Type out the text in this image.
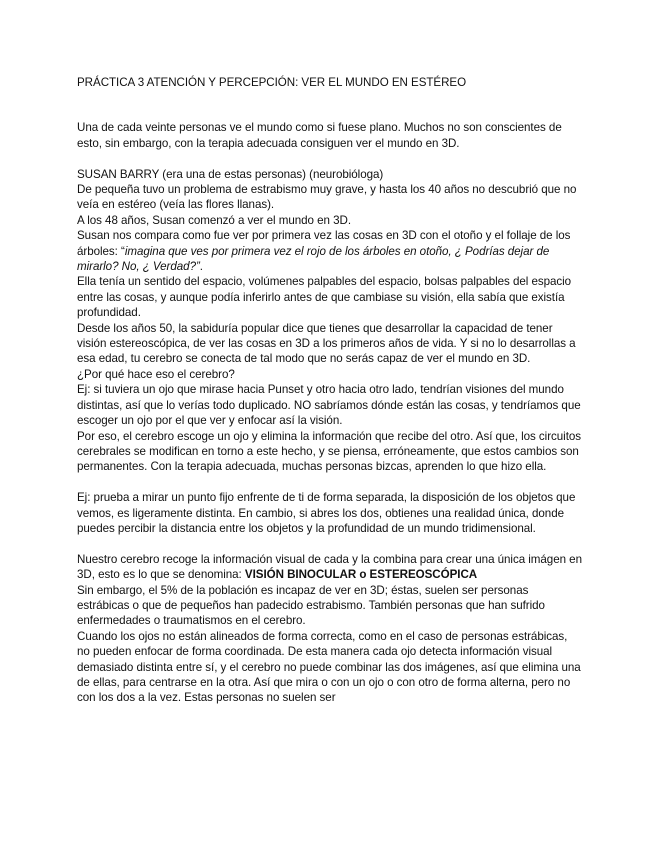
PRÁCTICA 3 ATENCIÓN Y PERCEPCIÓN: VER EL MUNDO EN ESTÉREO

Una de cada veinte personas ve el mundo como si fuese plano. Muchos no son conscientes de esto, sin embargo, con la terapia adecuada consiguen ver el mundo en 3D.

SUSAN BARRY (era una de estas personas) (neurobióloga)

De pequeña tuvo un problema de estrabismo muy grave, y hasta los 40 años no descubrió que no veía en estéreo (veía las flores llanas).

A los 48 años, Susan comenzó a ver el mundo en 3D.

Susan nos compara como fue ver por primera vez las cosas en 3D con el otoño y el follaje de los árboles: “imagina que ves por primera vez el rojo de los árboles en otoño, ¿ Podrías dejar de mirarlo? No, ¿ Verdad?”.

Ella tenía un sentido del espacio, volúmenes palpables del espacio, bolsas palpables del espacio entre las cosas, y aunque podía inferirlo antes de que cambiase su visión, ella sabía que existía profundidad.

Desde los años 50, la sabiduría popular dice que tienes que desarrollar la capacidad de tener visión estereoscópica, de ver las cosas en 3D a los primeros años de vida. Y si no lo desarrollas a esa edad, tu cerebro se conecta de tal modo que no serás capaz de ver el mundo en 3D.

¿Por qué hace eso el cerebro?

Ej: si tuviera un ojo que mirase hacia Punset y otro hacia otro lado, tendrían visiones del mundo distintas, así que lo verías todo duplicado. NO sabríamos dónde están las cosas, y tendríamos que escoger un ojo por el que ver y enfocar así la visión.

Por eso, el cerebro escoge un ojo y elimina la información que recibe del otro. Así que, los circuitos cerebrales se modifican en torno a este hecho, y se piensa, erróneamente, que estos cambios son permanentes. Con la terapia adecuada, muchas personas bizcas, aprenden lo que hizo ella.

Ej: prueba a mirar un punto fijo enfrente de ti de forma separada, la disposición de los objetos que vemos, es ligeramente distinta. En cambio, si abres los dos, obtienes una realidad única, donde puedes percibir la distancia entre los objetos y la profundidad de un mundo tridimensional.

Nuestro cerebro recoge la información visual de cada y la combina para crear una única imágen en 3D, esto es lo que se denomina: VISIÓN BINOCULAR o ESTEREOSCÓPICA

Sin embargo, el 5% de la población es incapaz de ver en 3D; éstas, suelen ser personas estrábicas o que de pequeños han padecido estrabismo. También personas que han sufrido enfermedades o traumatismos en el cerebro.

Cuando los ojos no están alineados de forma correcta, como en el caso de personas estrábicas, no pueden enfocar de forma coordinada. De esta manera cada ojo detecta información visual demasiado distinta entre sí, y el cerebro no puede combinar las dos imágenes, así que elimina una de ellas, para centrarse en la otra. Así que mira o con un ojo o con otro de forma alterna, pero no con los dos a la vez. Estas personas no suelen ser
